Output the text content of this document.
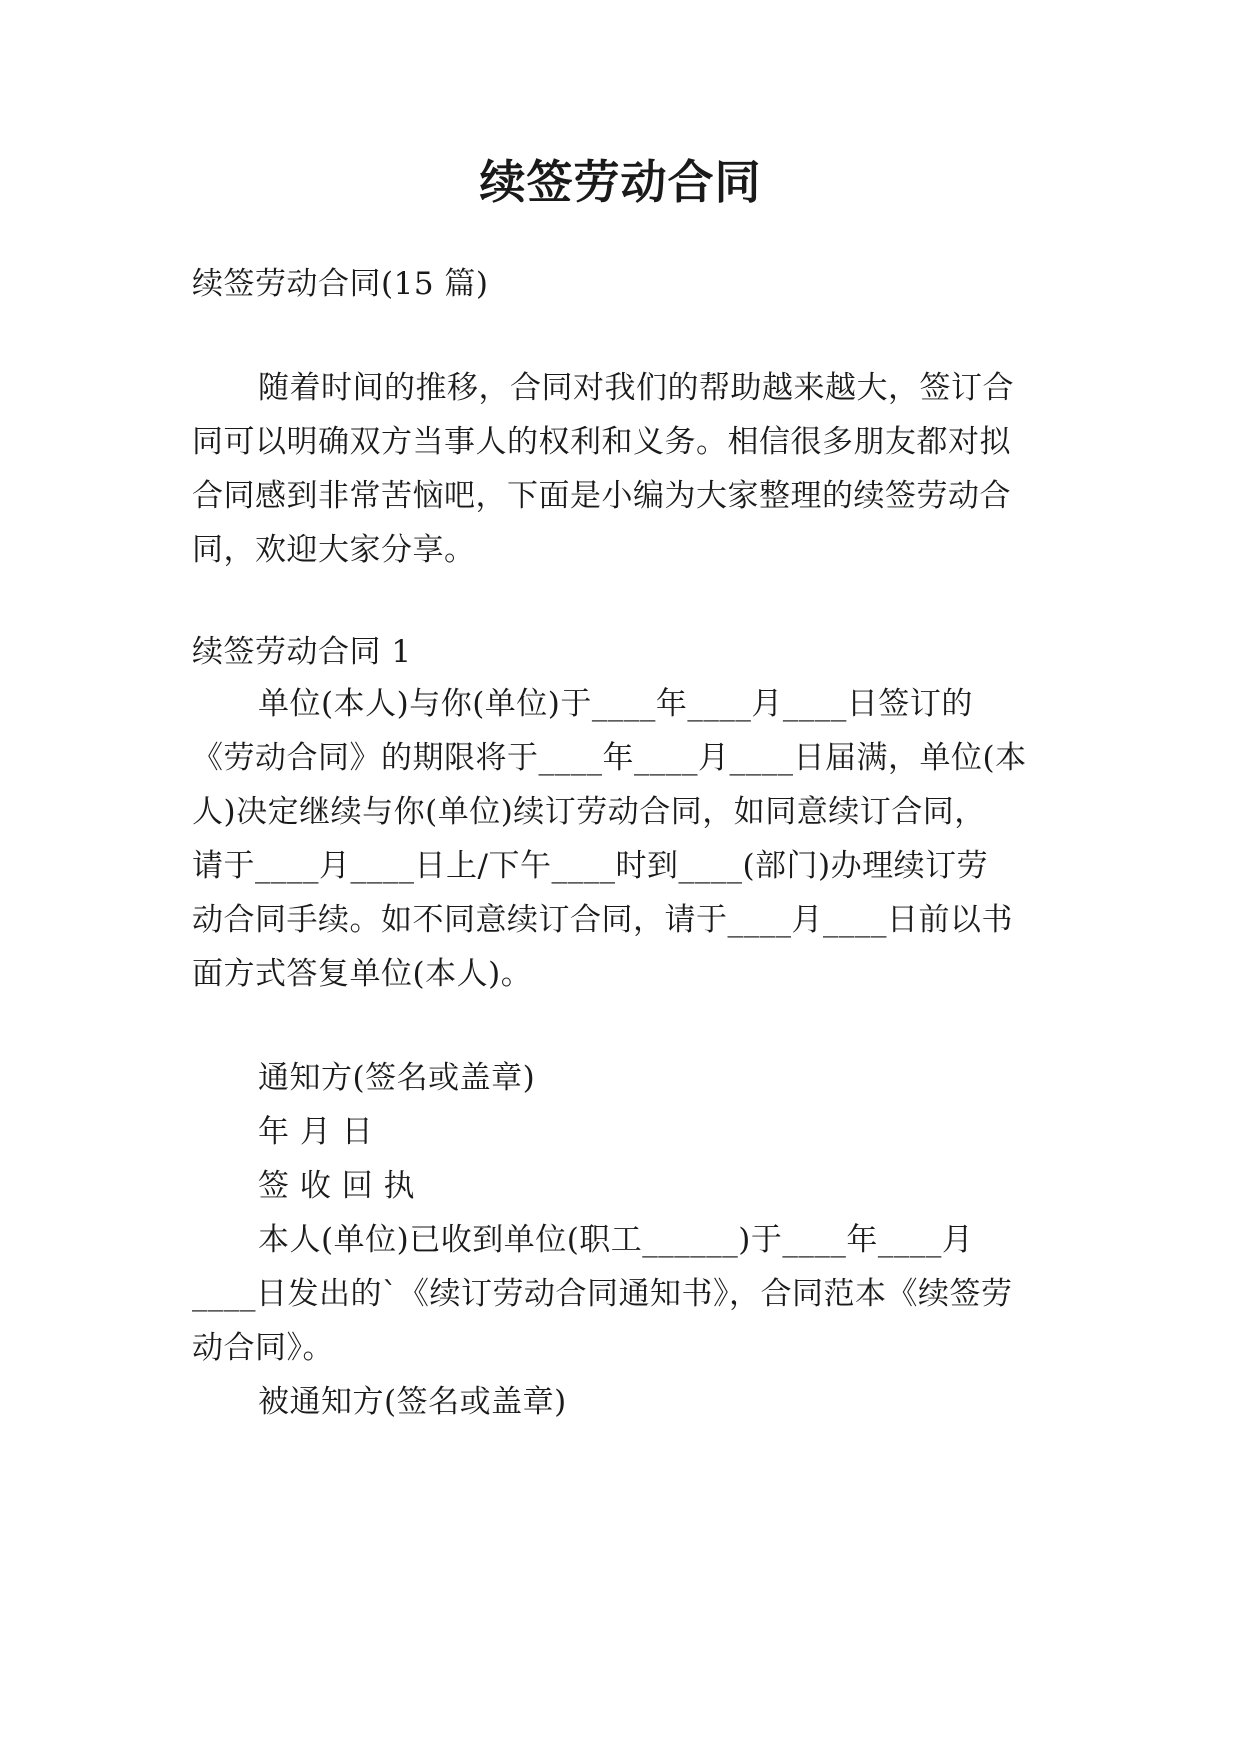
续签劳动合同
续签劳动合同(15 篇)
随着时间的推移，合同对我们的帮助越来越大，签订合
同可以明确双方当事人的权利和义务。相信很多朋友都对拟
合同感到非常苦恼吧，下面是小编为大家整理的续签劳动合
同，欢迎大家分享。
续签劳动合同 1
单位(本人)与你(单位)于____年____月____日签订的
《劳动合同》的期限将于____年____月____日届满，单位(本
人)决定继续与你(单位)续订劳动合同，如同意续订合同，
请于____月____日上/下午____时到____(部门)办理续订劳
动合同手续。如不同意续订合同，请于____月____日前以书
面方式答复单位(本人)。
通知方(签名或盖章)
年 月 日
签 收 回 执
本人(单位)已收到单位(职工______)于____年____月
____日发出的`《续订劳动合同通知书》，合同范本《续签劳
动合同》。
被通知方(签名或盖章)
